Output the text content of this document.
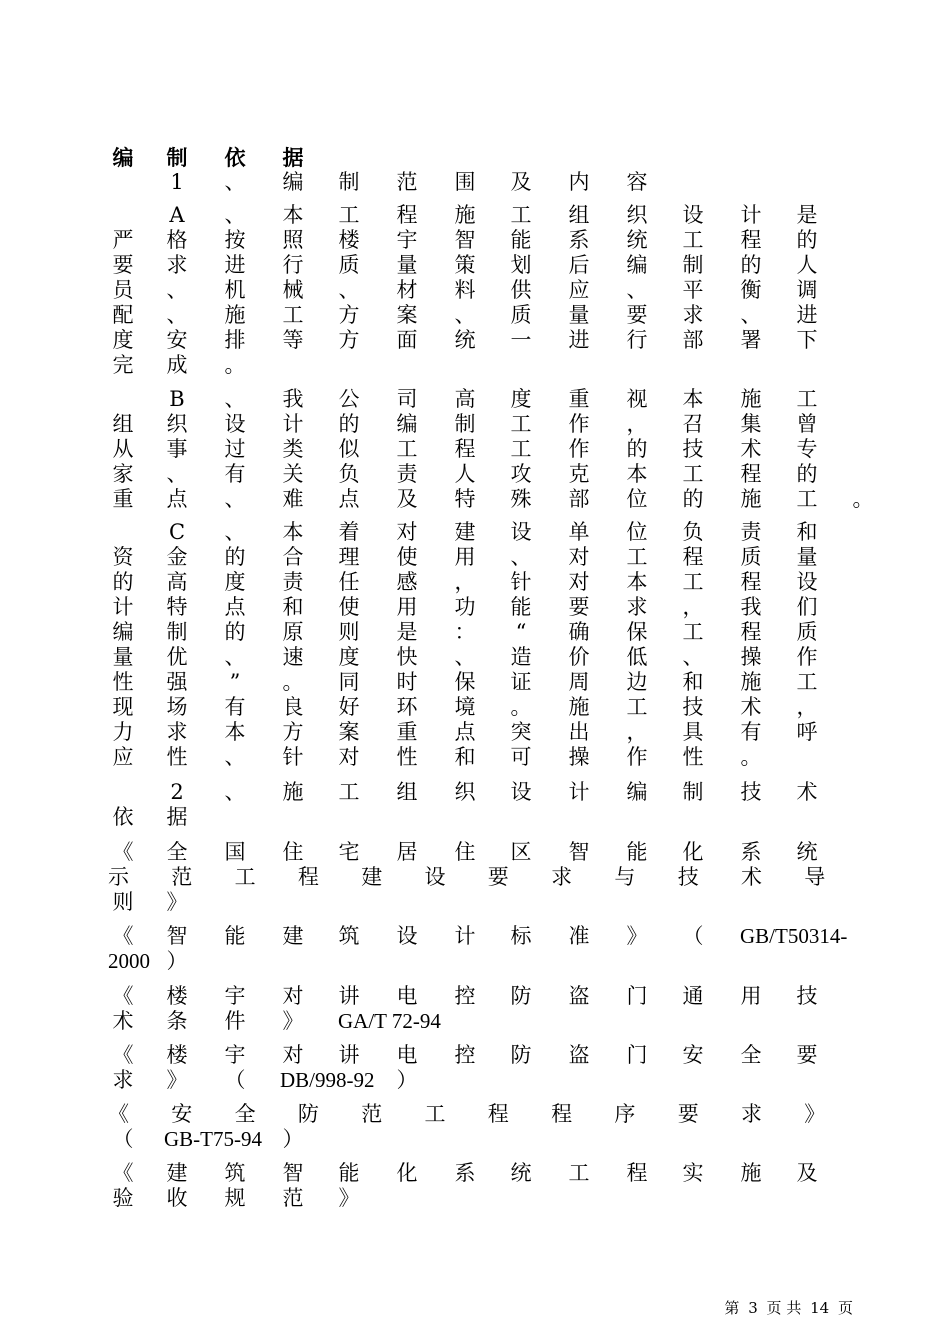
编 制 依 据
1	、 编 制 范 围 及 内 容
A	、 本 工 程 施 工 组 织 设 计 是
严 格 按 照 楼 宇 智 能 系 统 工 程 的
要 求 进 行 质 量 策 划 后 编 制 的 人
员 、 机 械 、 材 料 供 应 、 平 衡 调
配 、 施 工 方 案 、 质 量 要 求 、 进
度 安 排 等 方 面 统 一 进 行 部 署 下
完 成 。
B	、 我 公 司 高 度 重 视 本 施 工
组 织 设 计 的 编 制 工 作 ， 召 集 曾
从 事 过 类 似 工 程 工 作 的 技 术 专
家 、 有 关 负 责 人 攻 克 本 工 程 的
重 点 、 难 点 及 特 殊 部 位 的 施 工 。
C	、 本 着 对 建 设 单 位 负 责 和
资 金 的 合 理 使 用 、 对 工 程 质 量
的 高 度 责 任 感 ， 针 对 本 工 程 设
计 特 点 和 使 用 功 能 要 求 ， 我 们
编 制 的 原 则 是 ：	“	确 保 工 程 质
量 优 、 速 度 快 、 造 价 低 、 操 作
性 强	”	。 同 时 保 证 周 边 和 施 工
现 场 有 良 好 环 境 。 施 工 技 术 ，
力 求 本 方 案 重 点 突 出 ， 具 有 呼
应 性 、 针 对 性 和 可 操 作 性 。
2	、 施 工 组 织 设 计 编 制 技 术
依 据
《 全 国 住 宅 居 住 区 智 能 化 系 统
示　　范　　工　　程　　建　　设　　要　　求　　与　　技　　术　　导
则 》
《 智 能 建 筑 设 计 标 准 》 （ GB/T50314-
）
2000
《 楼 宇 对 讲 电 控 防 盗 门 通 用 技
术 条 件 》 GA/T 72-94
《 楼 宇 对 讲 电 控 防 盗 门 安 全 要
求 》 （ DB/998-92 ）
《　　安　　全　　防　　范　　工　　程　　程　　序　　要　　求　　》
（ GB-T75-94 ）
《 建 筑 智 能 化 系 统 工 程 实 施 及
验 收 规 范 》
第 3 页 共 14 页
